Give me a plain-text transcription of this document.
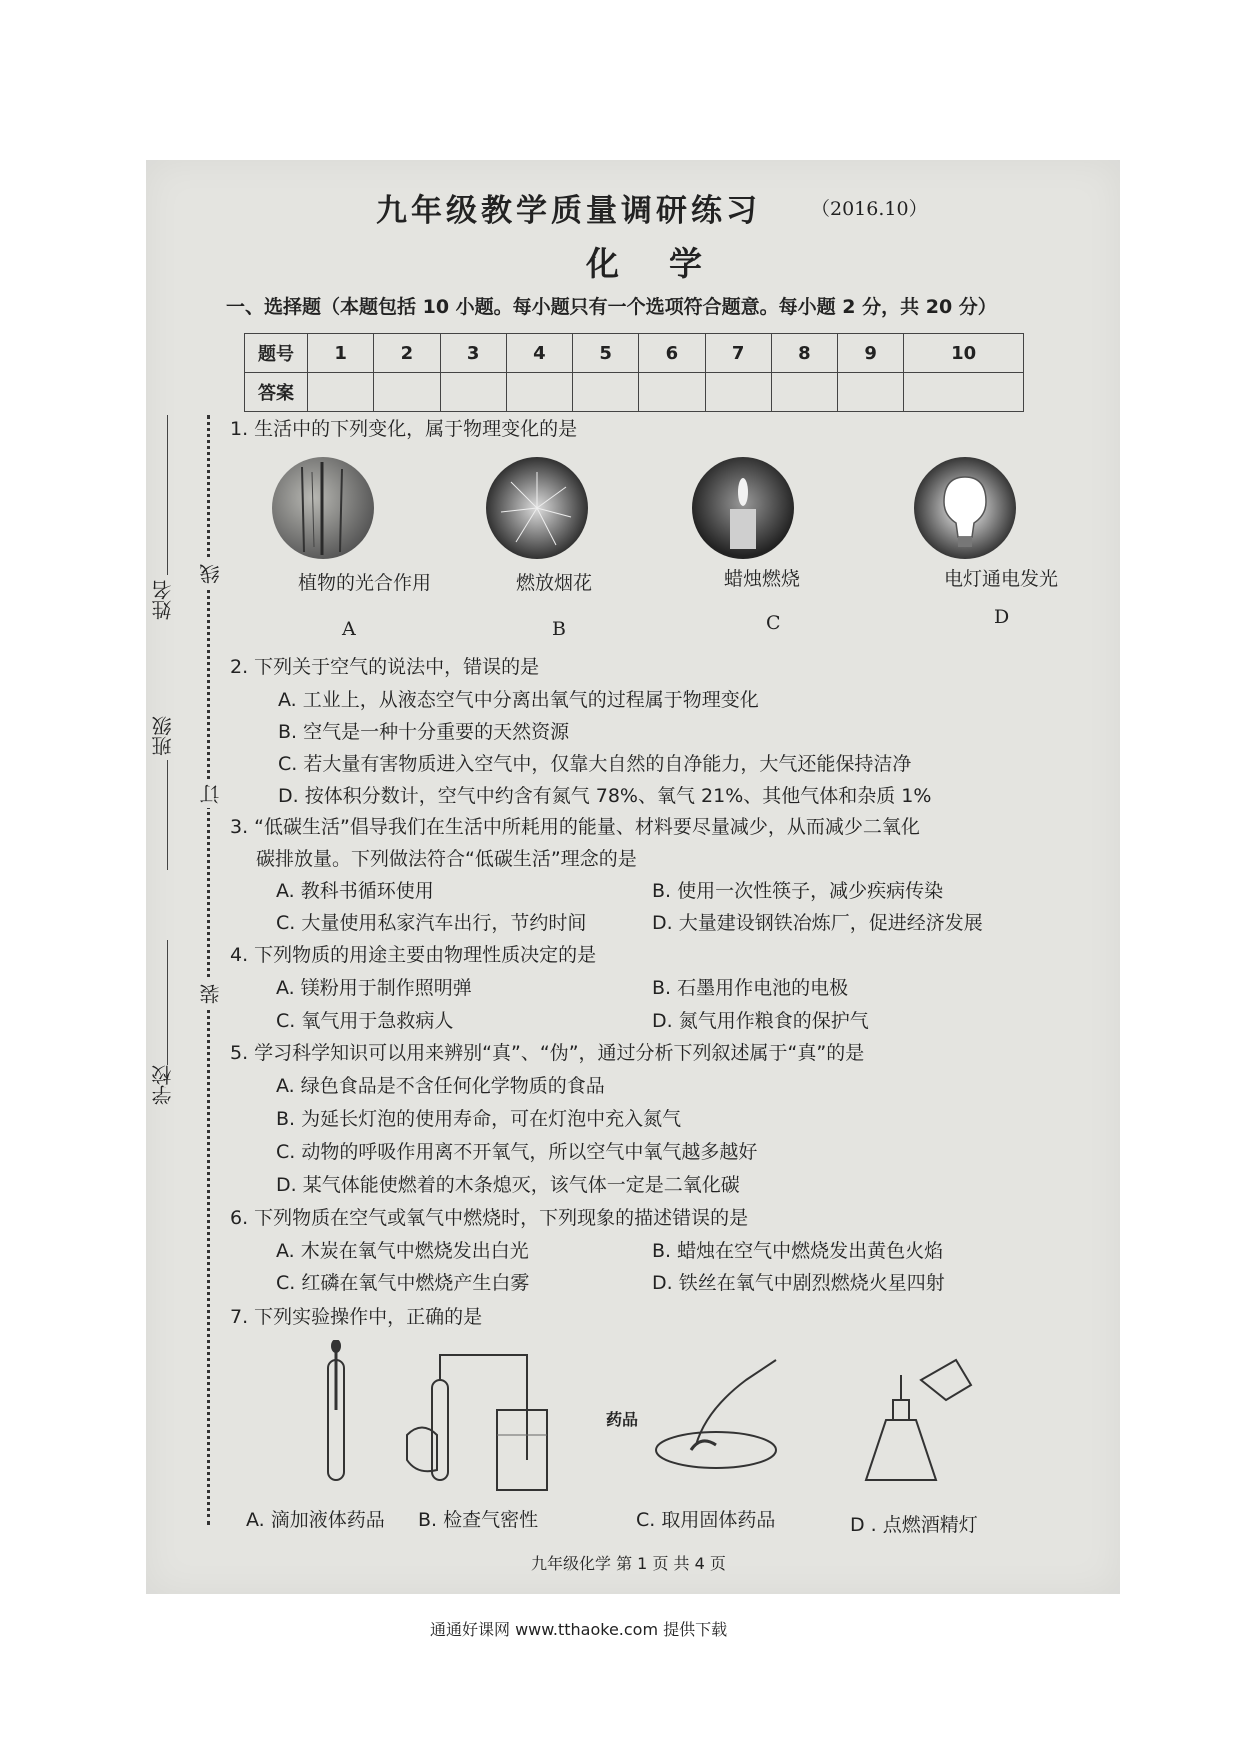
九年级教学质量调研练习	（2016.10）
化学
一、选择题（本题包括 10 小题。每小题只有一个选项符合题意。每小题 2 分，共 20 分）
题号	1	2	3	4	5	6	7	8	9	10
答案										
姓名
班级
学校
线
订
装
1. 生活中的下列变化，属于物理变化的是
植物的光合作用	燃放烟花	蜡烛燃烧	电灯通电发光
A	B	C	D
2. 下列关于空气的说法中，错误的是
A. 工业上，从液态空气中分离出氧气的过程属于物理变化
B. 空气是一种十分重要的天然资源
C. 若大量有害物质进入空气中，仅靠大自然的自净能力，大气还能保持洁净
D. 按体积分数计，空气中约含有氮气 78%、氧气 21%、其他气体和杂质 1%
3. “低碳生活”倡导我们在生活中所耗用的能量、材料要尽量减少，从而减少二氧化
碳排放量。下列做法符合“低碳生活”理念的是
A. 教科书循环使用	B. 使用一次性筷子，减少疾病传染
C. 大量使用私家汽车出行，节约时间	D. 大量建设钢铁冶炼厂，促进经济发展
4. 下列物质的用途主要由物理性质决定的是
A. 镁粉用于制作照明弹	B. 石墨用作电池的电极
C. 氧气用于急救病人	D. 氮气用作粮食的保护气
5. 学习科学知识可以用来辨别“真”、“伪”，通过分析下列叙述属于“真”的是
A. 绿色食品是不含任何化学物质的食品
B. 为延长灯泡的使用寿命，可在灯泡中充入氮气
C. 动物的呼吸作用离不开氧气，所以空气中氧气越多越好
D. 某气体能使燃着的木条熄灭，该气体一定是二氧化碳
6. 下列物质在空气或氧气中燃烧时，下列现象的描述错误的是
A. 木炭在氧气中燃烧发出白光	B. 蜡烛在空气中燃烧发出黄色火焰
C. 红磷在氧气中燃烧产生白雾	D. 铁丝在氧气中剧烈燃烧火星四射
7. 下列实验操作中，正确的是
药品
A. 滴加液体药品 B. 检查气密性	C. 取用固体药品	D . 点燃酒精灯
九年级化学 第 1 页 共 4 页
通通好课网 www.tthaoke.com 提供下载
